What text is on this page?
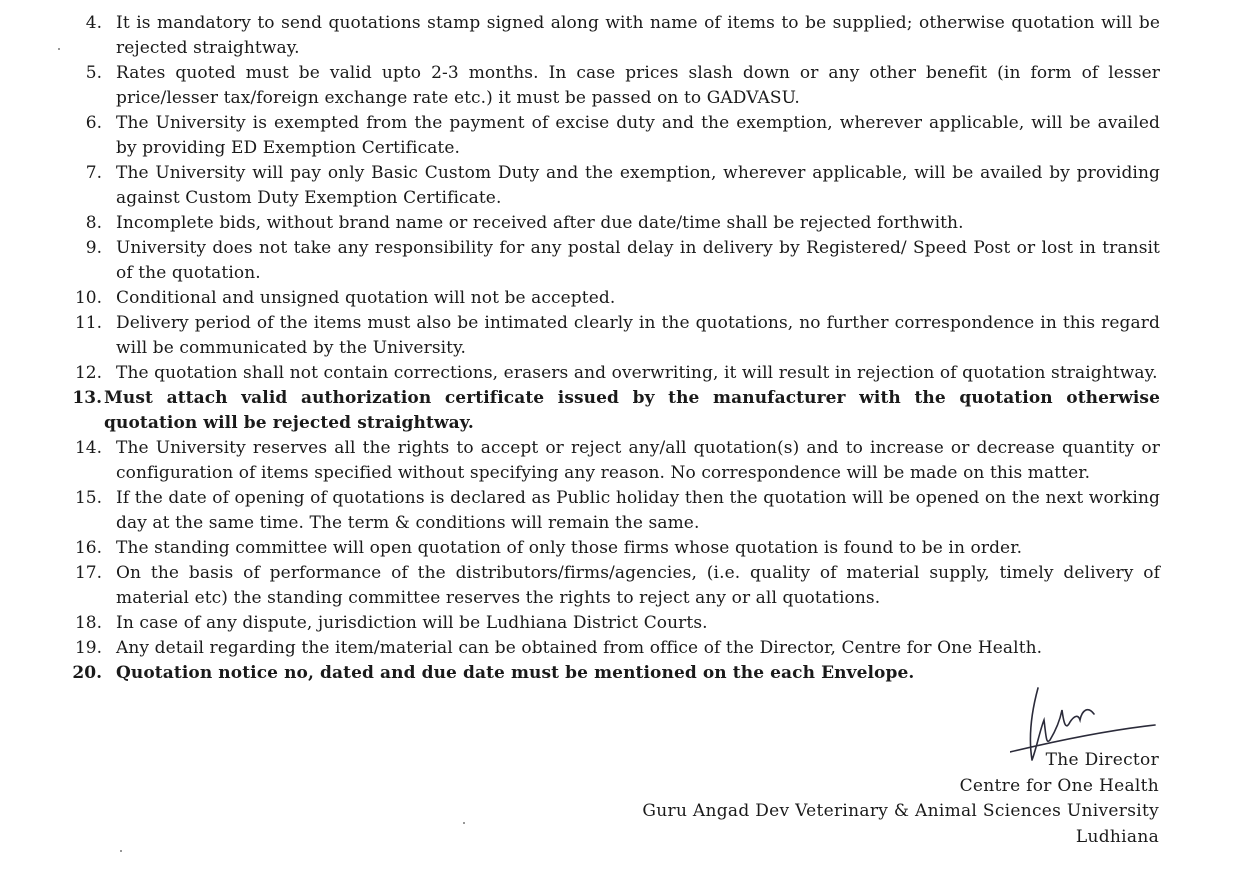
4. It is mandatory to send quotations stamp signed along with name of items to be supplied; otherwise quotation will be rejected straightway.
5. Rates quoted must be valid upto 2-3 months. In case prices slash down or any other benefit (in form of lesser price/lesser tax/foreign exchange rate etc.) it must be passed on to GADVASU.
6. The University is exempted from the payment of excise duty and the exemption, wherever applicable, will be availed by providing ED Exemption Certificate.
7. The University will pay only Basic Custom Duty and the exemption, wherever applicable, will be availed by providing against Custom Duty Exemption Certificate.
8. Incomplete bids, without brand name or received after due date/time shall be rejected forthwith.
9. University does not take any responsibility for any postal delay in delivery by Registered/ Speed Post or lost in transit of the quotation.
10. Conditional and unsigned quotation will not be accepted.
11. Delivery period of the items must also be intimated clearly in the quotations, no further correspondence in this regard will be communicated by the University.
12. The quotation shall not contain corrections, erasers and overwriting, it will result in rejection of quotation straightway.
13. Must attach valid authorization certificate issued by the manufacturer with the quotation otherwise quotation will be rejected straightway.
14. The University reserves all the rights to accept or reject any/all quotation(s) and to increase or decrease quantity or configuration of items specified without specifying any reason. No correspondence will be made on this matter.
15. If the date of opening of quotations is declared as Public holiday then the quotation will be opened on the next working day at the same time. The term & conditions will remain the same.
16. The standing committee will open quotation of only those firms whose quotation is found to be in order.
17. On the basis of performance of the distributors/firms/agencies, (i.e. quality of material supply, timely delivery of material etc) the standing committee reserves the rights to reject any or all quotations.
18. In case of any dispute, jurisdiction will be Ludhiana District Courts.
19. Any detail regarding the item/material can be obtained from office of the Director, Centre for One Health.
20. Quotation notice no, dated and due date must be mentioned on the each Envelope.
The Director
Centre for One Health
Guru Angad Dev Veterinary & Animal Sciences University
Ludhiana
